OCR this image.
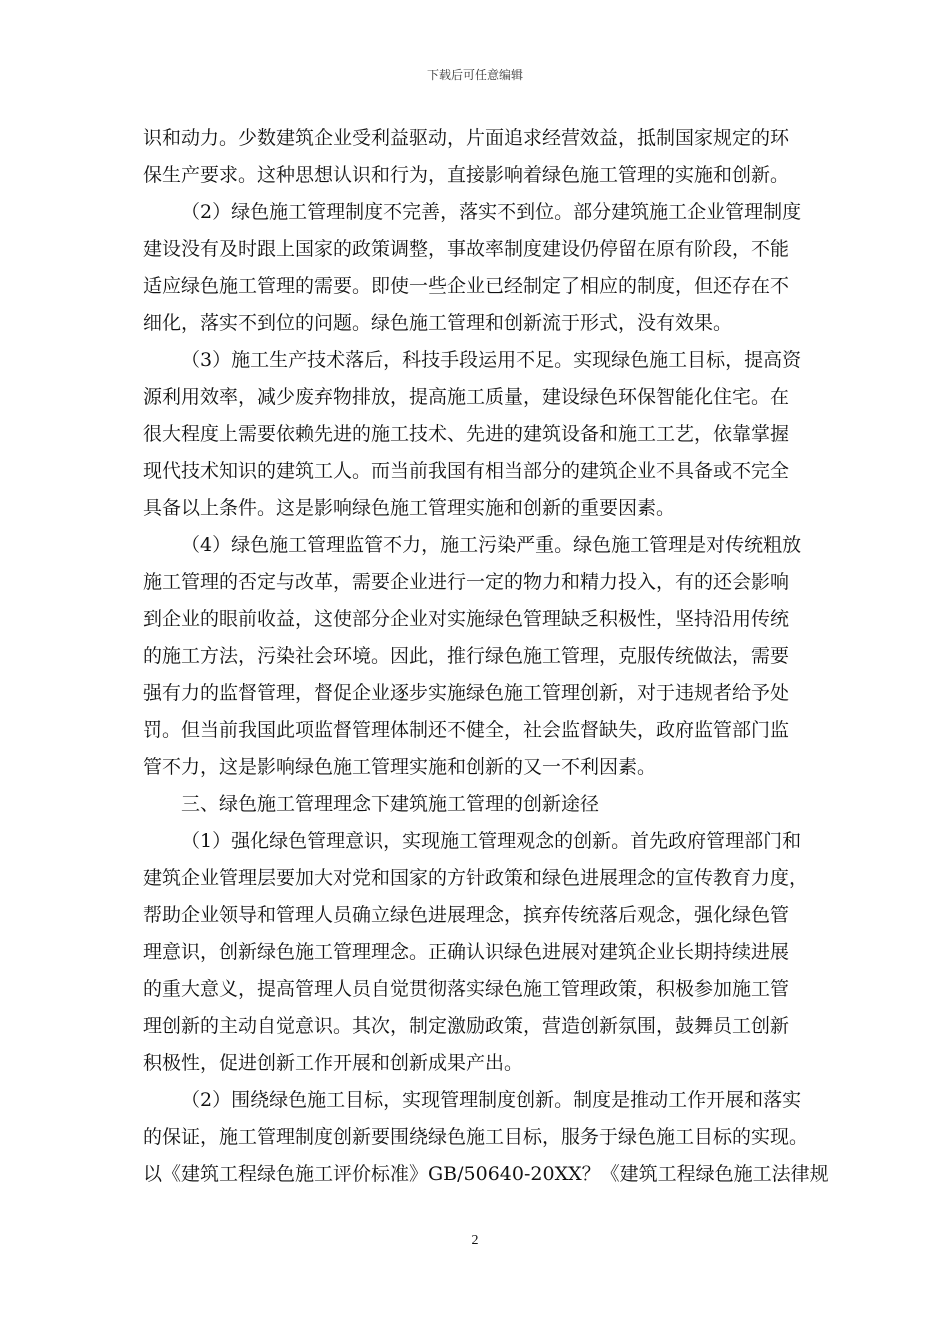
下载后可任意编辑
识和动力。少数建筑企业受利益驱动，片面追求经营效益，抵制国家规定的环
保生产要求。这种思想认识和行为，直接影响着绿色施工管理的实施和创新。
（2）绿色施工管理制度不完善，落实不到位。部分建筑施工企业管理制度
建设没有及时跟上国家的政策调整，事故率制度建设仍停留在原有阶段，不能
适应绿色施工管理的需要。即使一些企业已经制定了相应的制度，但还存在不
细化，落实不到位的问题。绿色施工管理和创新流于形式，没有效果。
（3）施工生产技术落后，科技手段运用不足。实现绿色施工目标，提高资
源利用效率，减少废弃物排放，提高施工质量，建设绿色环保智能化住宅。在
很大程度上需要依赖先进的施工技术、先进的建筑设备和施工工艺，依靠掌握
现代技术知识的建筑工人。而当前我国有相当部分的建筑企业不具备或不完全
具备以上条件。这是影响绿色施工管理实施和创新的重要因素。
（4）绿色施工管理监管不力，施工污染严重。绿色施工管理是对传统粗放
施工管理的否定与改革，需要企业进行一定的物力和精力投入，有的还会影响
到企业的眼前收益，这使部分企业对实施绿色管理缺乏积极性，坚持沿用传统
的施工方法，污染社会环境。因此，推行绿色施工管理，克服传统做法，需要
强有力的监督管理，督促企业逐步实施绿色施工管理创新，对于违规者给予处
罚。但当前我国此项监督管理体制还不健全，社会监督缺失，政府监管部门监
管不力，这是影响绿色施工管理实施和创新的又一不利因素。
三、绿色施工管理理念下建筑施工管理的创新途径
（1）强化绿色管理意识，实现施工管理观念的创新。首先政府管理部门和
建筑企业管理层要加大对党和国家的方针政策和绿色进展理念的宣传教育力度，
帮助企业领导和管理人员确立绿色进展理念，摈弃传统落后观念，强化绿色管
理意识，创新绿色施工管理理念。正确认识绿色进展对建筑企业长期持续进展
的重大意义，提高管理人员自觉贯彻落实绿色施工管理政策，积极参加施工管
理创新的主动自觉意识。其次，制定激励政策，营造创新氛围，鼓舞员工创新
积极性，促进创新工作开展和创新成果产出。
（2）围绕绿色施工目标，实现管理制度创新。制度是推动工作开展和落实
的保证，施工管理制度创新要围绕绿色施工目标，服务于绿色施工目标的实现。
以《建筑工程绿色施工评价标准》GB/50640-20XX？《建筑工程绿色施工法律规
2
